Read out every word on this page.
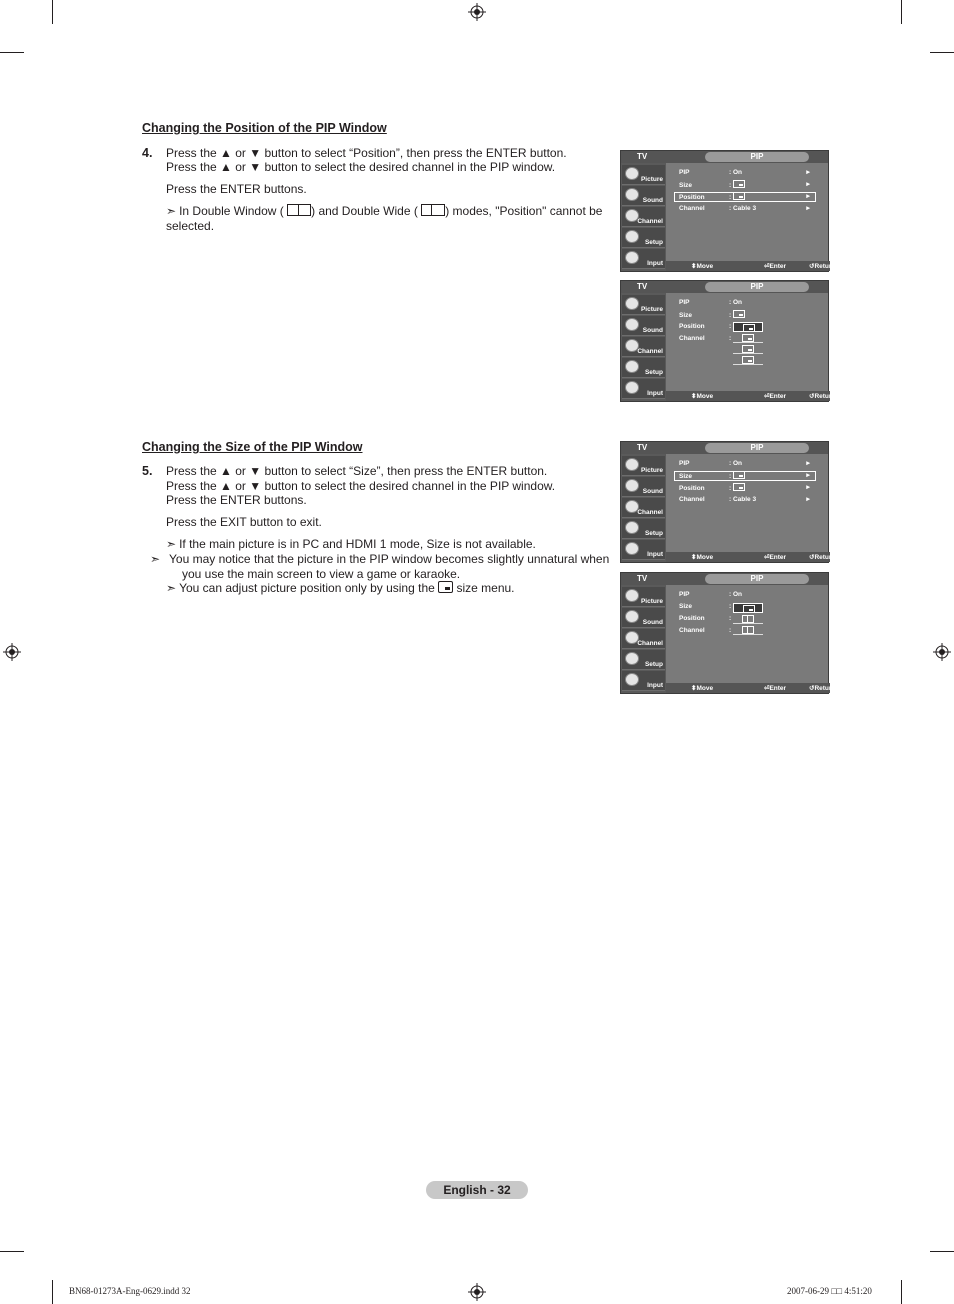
Changing the Position of the PIP Window
4. Press the ▲ or ▼ button to select “Position”, then press the ENTER button.
Press the ▲ or ▼ button to select the desired channel in the PIP window.
Press the ENTER buttons.
➣ In Double Window ( ) and Double Wide ( ) modes, "Position" cannot be selected.
Changing the Size of the PIP Window
5. Press the ▲ or ▼ button to select “Size”, then press the ENTER button.
Press the ▲ or ▼ button to select the desired channel in the PIP window.
Press the ENTER buttons.
Press the EXIT button to exit.
➣ If the main picture is in PC and HDMI 1 mode, Size is not available.
➣ You may notice that the picture in the PIP window becomes slightly unnatural when you use the main screen to view a game or karaoke.
➣ You can adjust picture position only by using the size menu.
TV	PIP
Picture
Sound
Channel
Setup
Input
PIP	: On	►
Size	:	►
Position	:	►
Channel	: Cable 3	►
⬍ Move	⏎ Enter	↺ Return
TV	PIP
Picture
Sound
Channel
Setup
Input
PIP	: On
Size	:
Position	:
Channel	:
⬍ Move	⏎ Enter	↺ Return
TV	PIP
Picture
Sound
Channel
Setup
Input
PIP	: On	►
Size	:	►
Position	:	►
Channel	: Cable 3	►
⬍ Move	⏎ Enter	↺ Return
TV	PIP
Picture
Sound
Channel
Setup
Input
PIP	: On
Size	:
Position	:
Channel	:
⬍ Move	⏎ Enter	↺ Return
English - 32
BN68-01273A-Eng-0629.indd 32	2007-06-29 □□ 4:51:20
